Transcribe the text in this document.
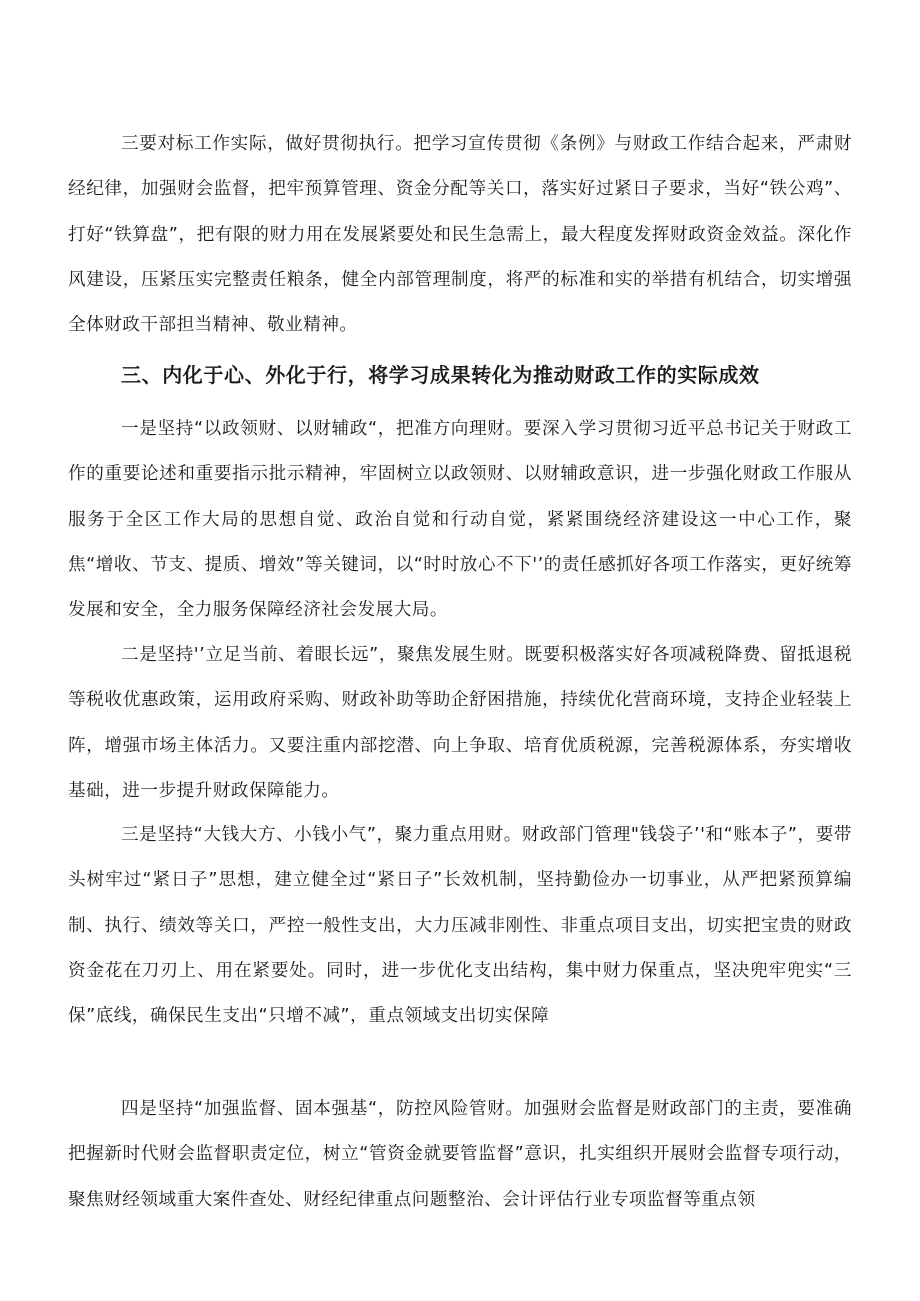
三要对标工作实际，做好贯彻执行。把学习宣传贯彻《条例》与财政工作结合起来，严肃财经纪律，加强财会监督，把牢预算管理、资金分配等关口，落实好过紧日子要求，当好“铁公鸡”、打好“铁算盘”，把有限的财力用在发展紧要处和民生急需上，最大程度发挥财政资金效益。深化作风建设，压紧压实完整责任粮条，健全内部管理制度，将严的标准和实的举措有机结合，切实增强全体财政干部担当精神、敬业精神。

三、内化于心、外化于行，将学习成果转化为推动财政工作的实际成效

一是坚持“以政领财、以财辅政“，把准方向理财。要深入学习贯彻习近平总书记关于财政工作的重要论述和重要指示批示精神，牢固树立以政领财、以财辅政意识，进一步强化财政工作服从服务于全区工作大局的思想自觉、政治自觉和行动自觉，紧紧围绕经济建设这一中心工作，聚焦“增收、节支、提质、增效”等关键词，以“时时放心不下'’的责任感抓好各项工作落实，更好统筹发展和安全，全力服务保障经济社会发展大局。

二是坚持'’立足当前、着眼长远”，聚焦发展生财。既要积极落实好各项减税降费、留抵退税等税收优惠政策，运用政府采购、财政补助等助企舒困措施，持续优化营商环境，支持企业轻装上阵，增强市场主体活力。又要注重内部挖潜、向上争取、培育优质税源，完善税源体系，夯实增收基础，进一步提升财政保障能力。

三是坚持“大钱大方、小钱小气”，聚力重点用财。财政部门管理"钱袋子’'和“账本子”，要带头树牢过“紧日子”思想，建立健全过“紧日子”长效机制，坚持勤俭办一切事业，从严把紧预算编制、执行、绩效等关口，严控一般性支出，大力压减非刚性、非重点项目支出，切实把宝贵的财政资金花在刀刃上、用在紧要处。同时，进一步优化支出结构，集中财力保重点，坚决兜牢兜实“三保”底线，确保民生支出“只增不减”，重点领域支出切实保障

四是坚持“加强监督、固本强基“，防控风险管财。加强财会监督是财政部门的主责，要准确把握新时代财会监督职责定位，树立“管资金就要管监督”意识，扎实组织开展财会监督专项行动，聚焦财经领域重大案件查处、财经纪律重点问题整治、会计评估行业专项监督等重点领
